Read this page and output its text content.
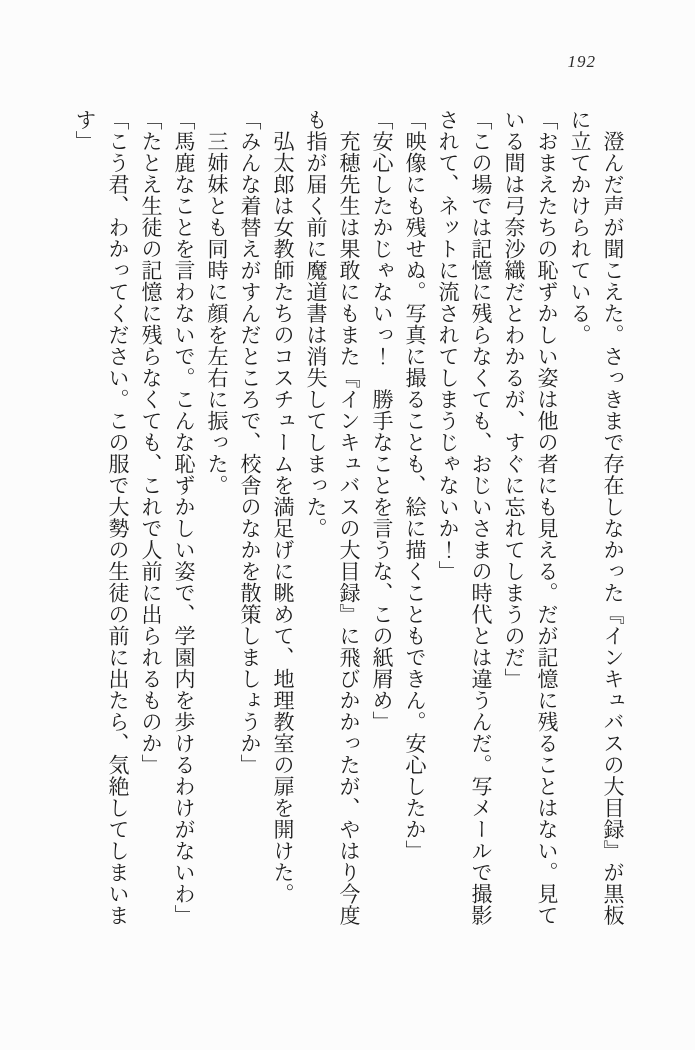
192

　澄んだ声が聞こえた。さっきまで存在しなかった『インキュバスの大目録』が黒板

に立てかけられている。

「おまえたちの恥ずかしい姿は他の者にも見える。だが記憶に残ることはない。見て

いる間は弓奈沙織だとわかるが、すぐに忘れてしまうのだ」

「この場では記憶に残らなくても、おじいさまの時代とは違うんだ。写メールで撮影

されて、ネットに流されてしまうじゃないか！」

「映像にも残せぬ。写真に撮ることも、絵に描くこともできん。安心したか」

「安心したかじゃないっ！　勝手なことを言うな、この紙屑め」

　充穂先生は果敢にもまた『インキュバスの大目録』に飛びかかったが、やはり今度

も指が届く前に魔道書は消失してしまった。

　弘太郎は女教師たちのコスチュームを満足げに眺めて、地理教室の扉を開けた。

「みんな着替えがすんだところで、校舎のなかを散策しましょうか」

　三姉妹とも同時に顔を左右に振った。

「馬鹿なことを言わないで。こんな恥ずかしい姿で、学園内を歩けるわけがないわ」

「たとえ生徒の記憶に残らなくても、これで人前に出られるものか」

「こう君、わかってください。この服で大勢の生徒の前に出たら、気絶してしまいま

す」
